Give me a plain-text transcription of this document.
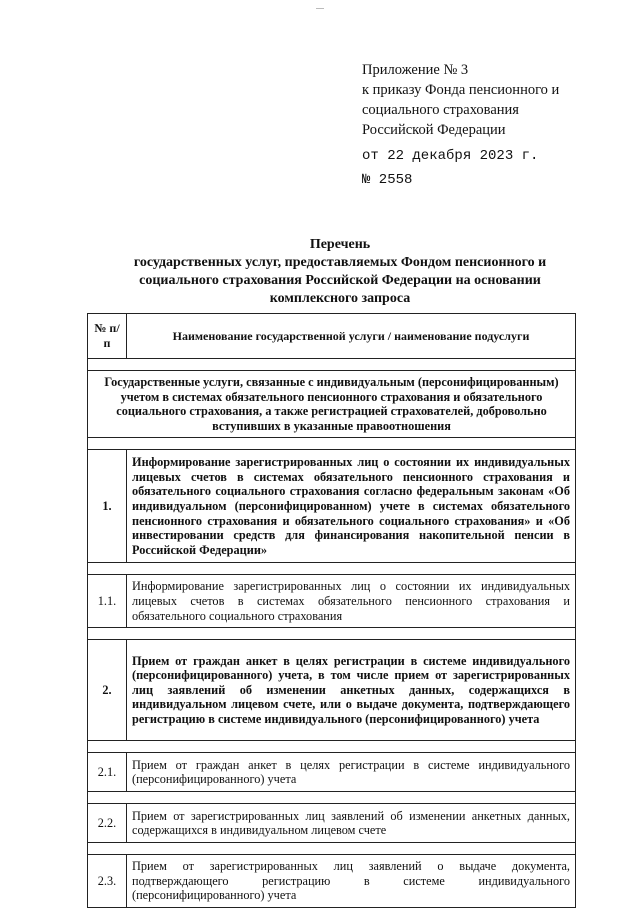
Приложение № 3
к приказу Фонда пенсионного и
социального страхования
Российской Федерации
от 22 декабря 2023 г.
№ 2558
Перечень
государственных услуг, предоставляемых Фондом пенсионного и
социального страхования Российской Федерации на основании
комплексного запроса
№ п/п	Наименование государственной услуги / наименование подуслуги

Государственные услуги, связанные с индивидуальным (персонифицированным) учетом в системах обязательного пенсионного страхования и обязательного социального страхования, а также регистрацией страхователей, добровольно вступивших в указанные правоотношения	

1.	Информирование зарегистрированных лиц о состоянии их индивидуальных лицевых счетов в системах обязательного пенсионного страхования и обязательного социального страхования согласно федеральным законам «Об индивидуальном (персонифицированном) учете в системах обязательного пенсионного страхования и обязательного социального страхования» и «Об инвестировании средств для финансирования накопительной пенсии в Российской Федерации»

1.1.	Информирование зарегистрированных лиц о состоянии их индивидуальных лицевых счетов в системах обязательного пенсионного страхования и обязательного социального страхования

2.	Прием от граждан анкет в целях регистрации в системе индивидуального (персонифицированного) учета, в том числе прием от зарегистрированных лиц заявлений об изменении анкетных данных, содержащихся в индивидуальном лицевом счете, или о выдаче документа, подтверждающего регистрацию в системе индивидуального (персонифицированного) учета

2.1.	Прием от граждан анкет в целях регистрации в системе индивидуального (персонифицированного) учета

2.2.	Прием от зарегистрированных лиц заявлений об изменении анкетных данных, содержащихся в индивидуальном лицевом счете

2.3.	Прием от зарегистрированных лиц заявлений о выдаче документа, подтверждающего регистрацию в системе индивидуального (персонифицированного) учета
